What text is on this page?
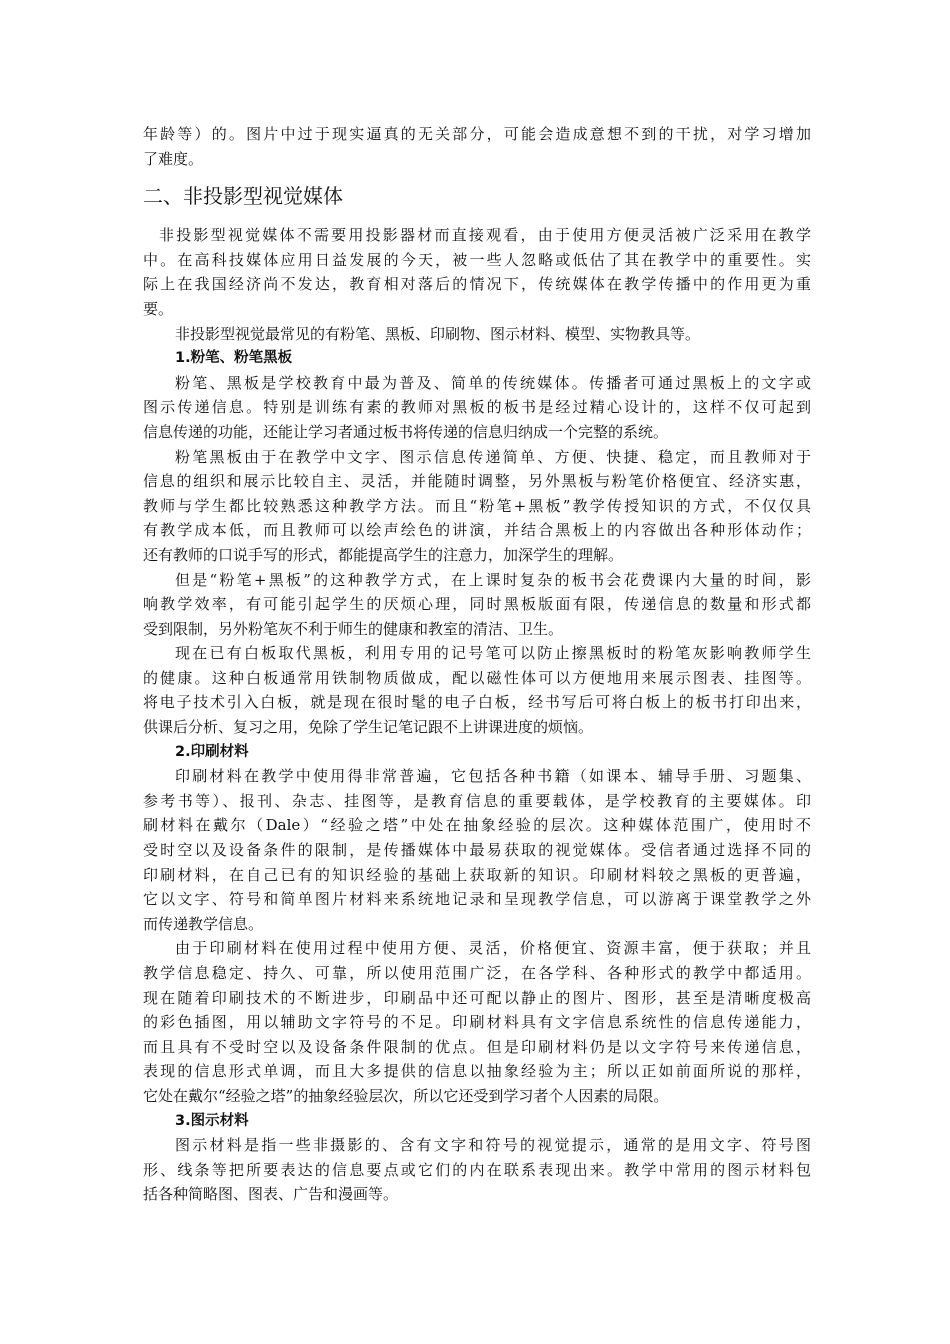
年龄等）的。图片中过于现实逼真的无关部分，可能会造成意想不到的干扰，对学习增加
了难度。
二、非投影型视觉媒体
非投影型视觉媒体不需要用投影器材而直接观看，由于使用方便灵活被广泛采用在教学
中。在高科技媒体应用日益发展的今天，被一些人忽略或低估了其在教学中的重要性。实
际上在我国经济尚不发达，教育相对落后的情况下，传统媒体在教学传播中的作用更为重
要。
非投影型视觉最常见的有粉笔、黑板、印刷物、图示材料、模型、实物教具等。
1.粉笔、粉笔黑板
粉笔、黑板是学校教育中最为普及、简单的传统媒体。传播者可通过黑板上的文字或
图示传递信息。特别是训练有素的教师对黑板的板书是经过精心设计的，这样不仅可起到
信息传递的功能，还能让学习者通过板书将传递的信息归纳成一个完整的系统。
粉笔黑板由于在教学中文字、图示信息传递简单、方便、快捷、稳定，而且教师对于
信息的组织和展示比较自主、灵活，并能随时调整，另外黑板与粉笔价格便宜、经济实惠，
教师与学生都比较熟悉这种教学方法。而且“粉笔+黑板”教学传授知识的方式，不仅仅具
有教学成本低，而且教师可以绘声绘色的讲演，并结合黑板上的内容做出各种形体动作；
还有教师的口说手写的形式，都能提高学生的注意力，加深学生的理解。
但是“粉笔+黑板”的这种教学方式，在上课时复杂的板书会花费课内大量的时间，影
响教学效率，有可能引起学生的厌烦心理，同时黑板版面有限，传递信息的数量和形式都
受到限制，另外粉笔灰不利于师生的健康和教室的清洁、卫生。
现在已有白板取代黑板，利用专用的记号笔可以防止擦黑板时的粉笔灰影响教师学生
的健康。这种白板通常用铁制物质做成，配以磁性体可以方便地用来展示图表、挂图等。
将电子技术引入白板，就是现在很时髦的电子白板，经书写后可将白板上的板书打印出来，
供课后分析、复习之用，免除了学生记笔记跟不上讲课进度的烦恼。
2.印刷材料
印刷材料在教学中使用得非常普遍，它包括各种书籍（如课本、辅导手册、习题集、
参考书等）、报刊、杂志、挂图等，是教育信息的重要载体，是学校教育的主要媒体。印
刷材料在戴尔（Dale）“经验之塔”中处在抽象经验的层次。这种媒体范围广，使用时不
受时空以及设备条件的限制，是传播媒体中最易获取的视觉媒体。受信者通过选择不同的
印刷材料，在自己已有的知识经验的基础上获取新的知识。印刷材料较之黑板的更普遍，
它以文字、符号和简单图片材料来系统地记录和呈现教学信息，可以游离于课堂教学之外
而传递教学信息。
由于印刷材料在使用过程中使用方便、灵活，价格便宜、资源丰富，便于获取；并且
教学信息稳定、持久、可靠，所以使用范围广泛，在各学科、各种形式的教学中都适用。
现在随着印刷技术的不断进步，印刷品中还可配以静止的图片、图形，甚至是清晰度极高
的彩色插图，用以辅助文字符号的不足。印刷材料具有文字信息系统性的信息传递能力，
而且具有不受时空以及设备条件限制的优点。但是印刷材料仍是以文字符号来传递信息，
表现的信息形式单调，而且大多提供的信息以抽象经验为主；所以正如前面所说的那样，
它处在戴尔“经验之塔”的抽象经验层次，所以它还受到学习者个人因素的局限。
3.图示材料
图示材料是指一些非摄影的、含有文字和符号的视觉提示，通常的是用文字、符号图
形、线条等把所要表达的信息要点或它们的内在联系表现出来。教学中常用的图示材料包
括各种简略图、图表、广告和漫画等。
